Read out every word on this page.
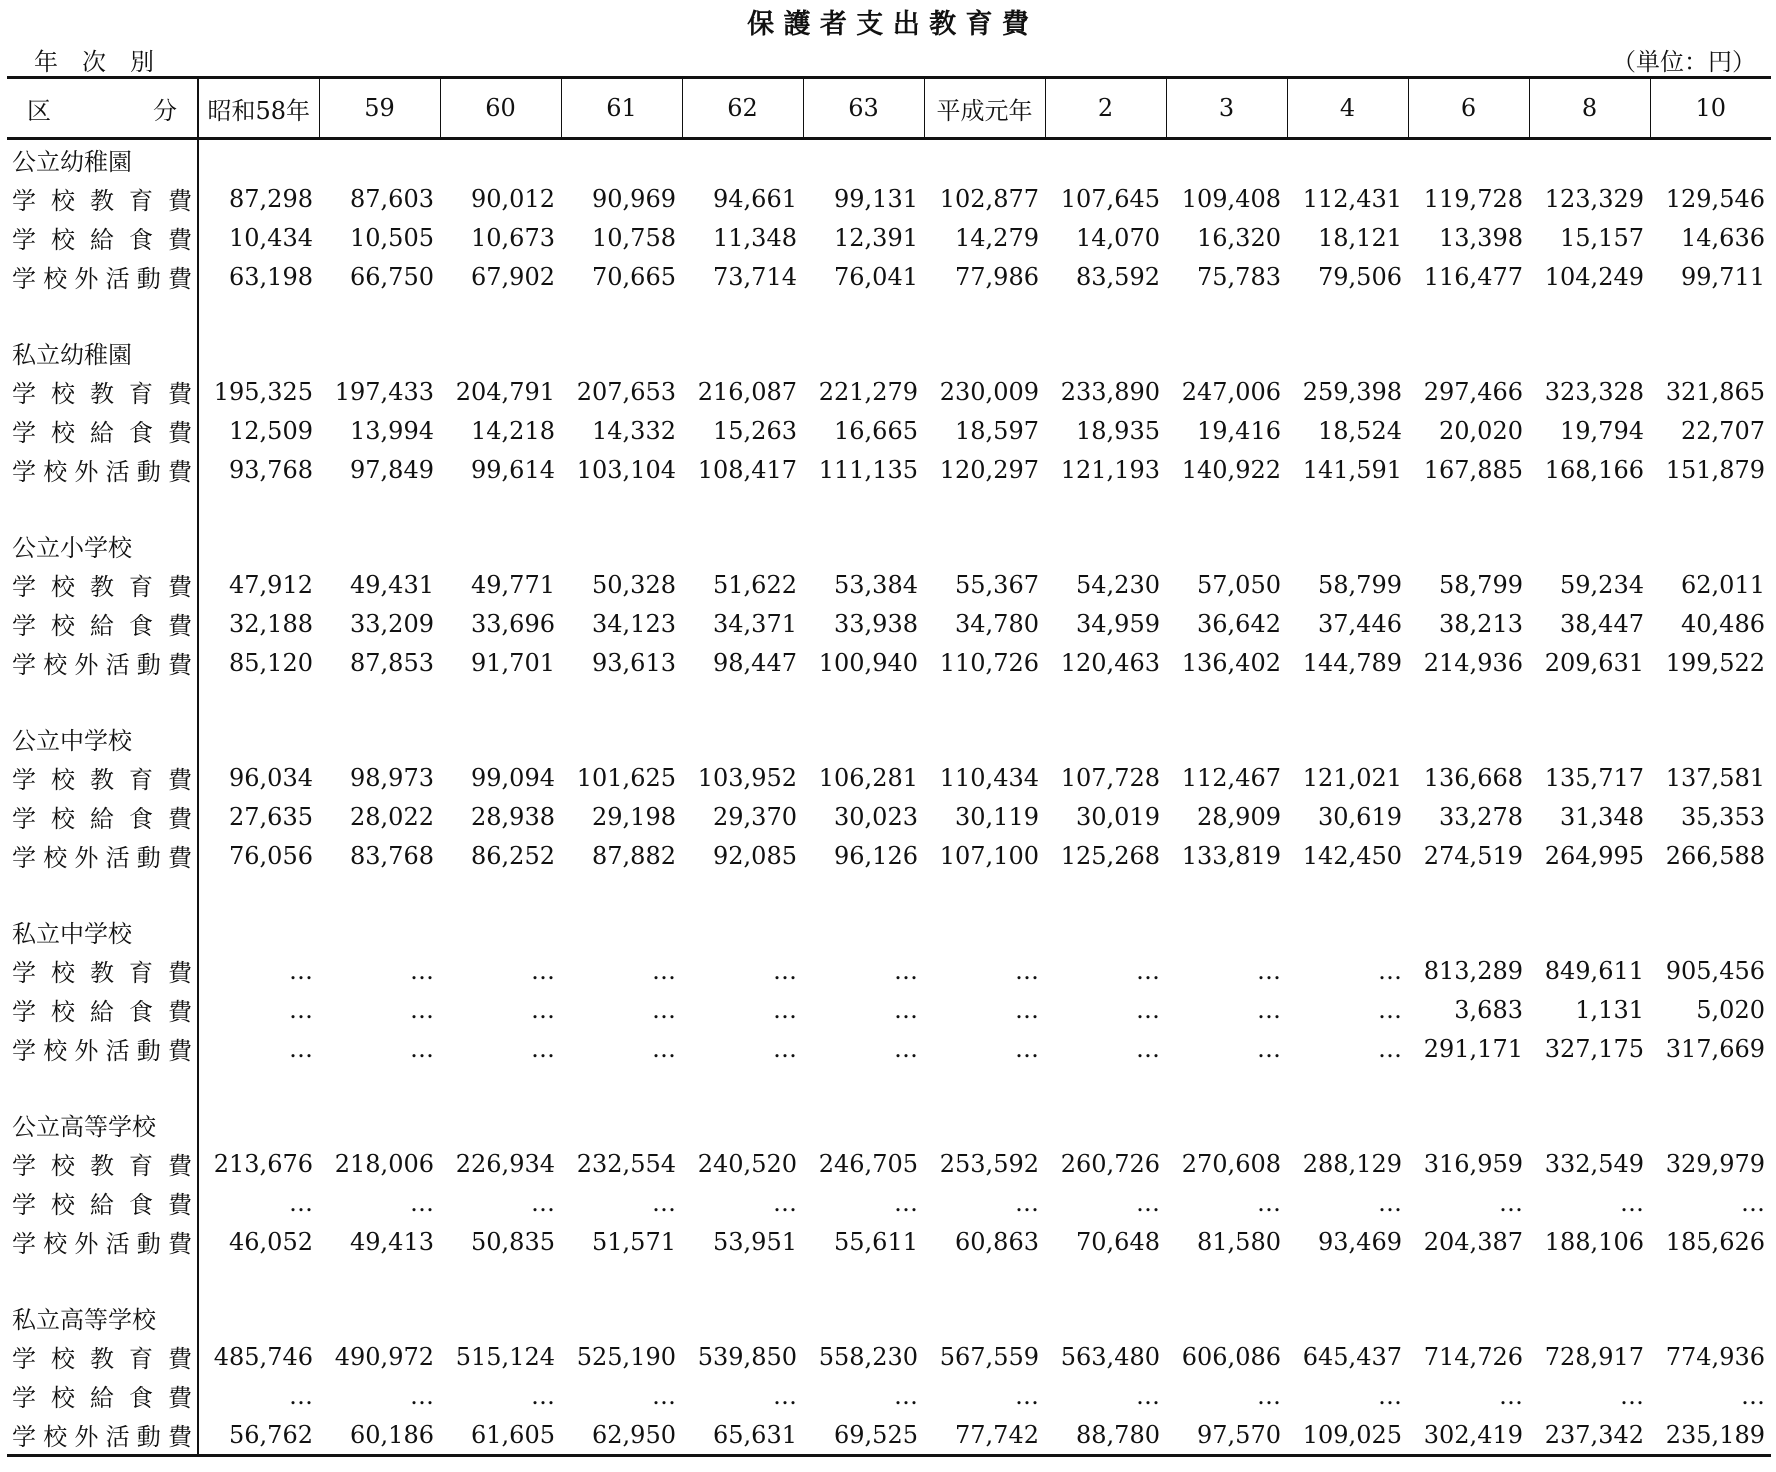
保 護 者 支 出 教 育 費
年 次 別	（単位：円）
区　分	昭和58年	59	60	61	62	63	平成元年	2	3	4	6	8	10
公立幼稚園													
学校教育費	87,298	87,603	90,012	90,969	94,661	99,131	102,877	107,645	109,408	112,431	119,728	123,329	129,546
学校給食費	10,434	10,505	10,673	10,758	11,348	12,391	14,279	14,070	16,320	18,121	13,398	15,157	14,636
学校外活動費	63,198	66,750	67,902	70,665	73,714	76,041	77,986	83,592	75,783	79,506	116,477	104,249	99,711

私立幼稚園													
学校教育費	195,325	197,433	204,791	207,653	216,087	221,279	230,009	233,890	247,006	259,398	297,466	323,328	321,865
学校給食費	12,509	13,994	14,218	14,332	15,263	16,665	18,597	18,935	19,416	18,524	20,020	19,794	22,707
学校外活動費	93,768	97,849	99,614	103,104	108,417	111,135	120,297	121,193	140,922	141,591	167,885	168,166	151,879

公立小学校													
学校教育費	47,912	49,431	49,771	50,328	51,622	53,384	55,367	54,230	57,050	58,799	58,799	59,234	62,011
学校給食費	32,188	33,209	33,696	34,123	34,371	33,938	34,780	34,959	36,642	37,446	38,213	38,447	40,486
学校外活動費	85,120	87,853	91,701	93,613	98,447	100,940	110,726	120,463	136,402	144,789	214,936	209,631	199,522

公立中学校													
学校教育費	96,034	98,973	99,094	101,625	103,952	106,281	110,434	107,728	112,467	121,021	136,668	135,717	137,581
学校給食費	27,635	28,022	28,938	29,198	29,370	30,023	30,119	30,019	28,909	30,619	33,278	31,348	35,353
学校外活動費	76,056	83,768	86,252	87,882	92,085	96,126	107,100	125,268	133,819	142,450	274,519	264,995	266,588

私立中学校													
学校教育費	…	…	…	…	…	…	…	…	…	…	813,289	849,611	905,456
学校給食費	…	…	…	…	…	…	…	…	…	…	3,683	1,131	5,020
学校外活動費	…	…	…	…	…	…	…	…	…	…	291,171	327,175	317,669

公立高等学校													
学校教育費	213,676	218,006	226,934	232,554	240,520	246,705	253,592	260,726	270,608	288,129	316,959	332,549	329,979
学校給食費	…	…	…	…	…	…	…	…	…	…	…	…	…
学校外活動費	46,052	49,413	50,835	51,571	53,951	55,611	60,863	70,648	81,580	93,469	204,387	188,106	185,626

私立高等学校													
学校教育費	485,746	490,972	515,124	525,190	539,850	558,230	567,559	563,480	606,086	645,437	714,726	728,917	774,936
学校給食費	…	…	…	…	…	…	…	…	…	…	…	…	…
学校外活動費	56,762	60,186	61,605	62,950	65,631	69,525	77,742	88,780	97,570	109,025	302,419	237,342	235,189
